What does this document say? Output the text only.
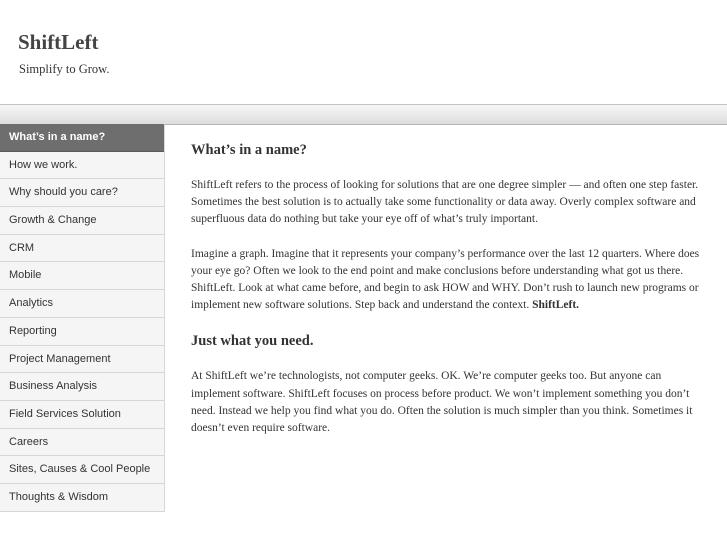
ShiftLeft

Simplify to Grow.

What’s in a name?
How we work.
Why should you care?
Growth & Change
CRM
Mobile
Analytics
Reporting
Project Management
Business Analysis
Field Services Solution
Careers
Sites, Causes & Cool People
Thoughts & Wisdom
What’s in a name?

ShiftLeft refers to the process of looking for solutions that are one degree simpler — and often one step faster. Sometimes the best solution is to actually take some functionality or data away. Overly complex software and superfluous data do nothing but take your eye off of what’s truly important.

Imagine a graph. Imagine that it represents your company’s performance over the last 12 quarters. Where does your eye go? Often we look to the end point and make conclusions before understanding what got us there. ShiftLeft. Look at what came before, and begin to ask HOW and WHY. Don’t rush to launch new programs or implement new software solutions. Step back and understand the context. ShiftLeft.

Just what you need.

At ShiftLeft we’re technologists, not computer geeks. OK. We’re computer geeks too. But anyone can implement software. ShiftLeft focuses on process before product. We won’t implement something you don’t need. Instead we help you find what you do. Often the solution is much simpler than you think. Sometimes it doesn’t even require software.
